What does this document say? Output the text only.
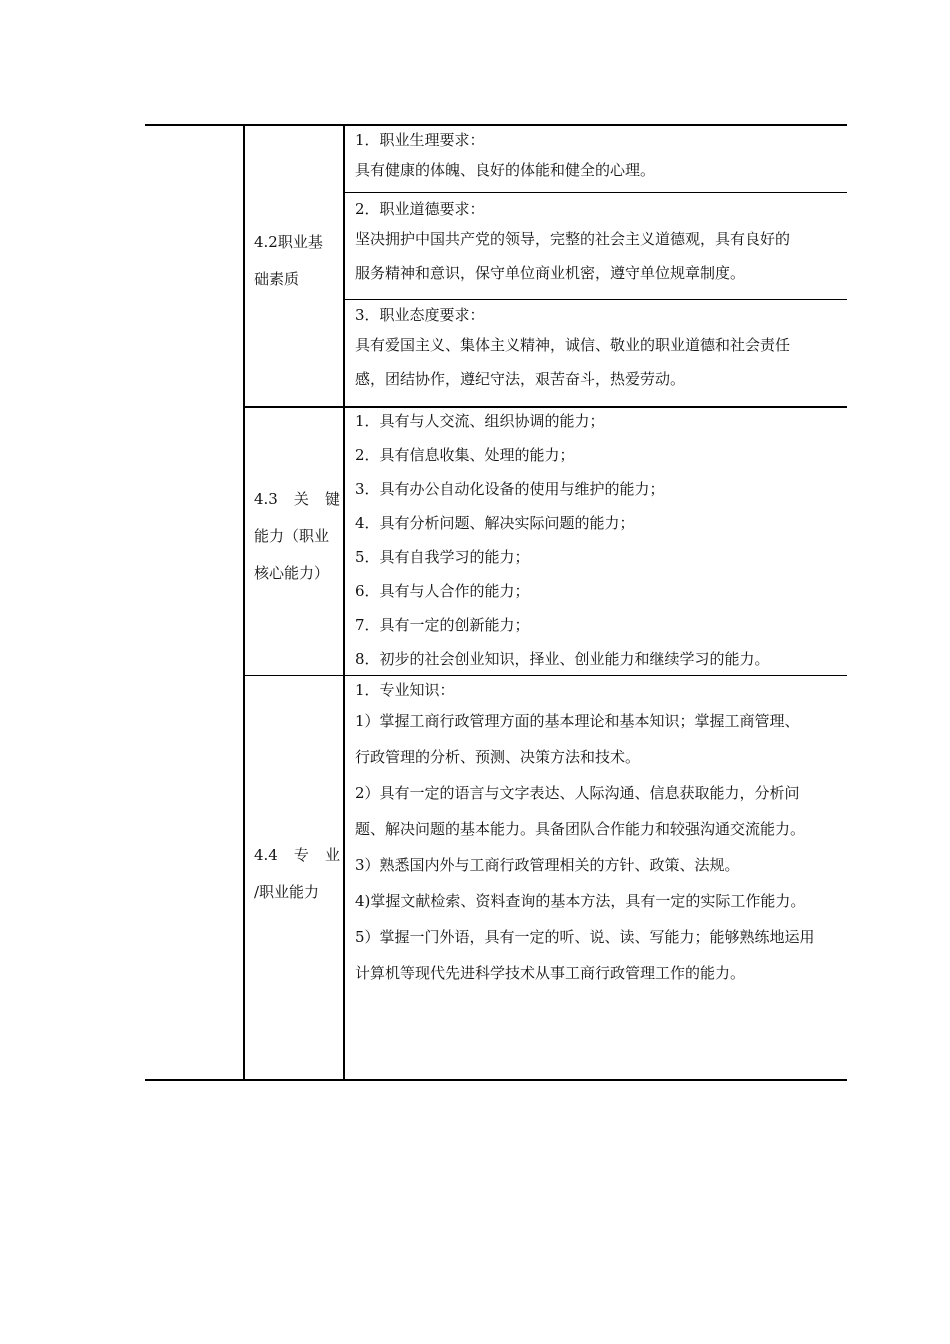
4.2职业基
础素质
1．职业生理要求：
具有健康的体魄、良好的体能和健全的心理。
2．职业道德要求：
坚决拥护中国共产党的领导，完整的社会主义道德观，具有良好的
服务精神和意识，保守单位商业机密，遵守单位规章制度。
3．职业态度要求：
具有爱国主义、集体主义精神，诚信、敬业的职业道德和社会责任
感，团结协作，遵纪守法，艰苦奋斗，热爱劳动。
4.3 关 键
能力（职业
核心能力）
1．具有与人交流、组织协调的能力；
2．具有信息收集、处理的能力；
3．具有办公自动化设备的使用与维护的能力；
4．具有分析问题、解决实际问题的能力；
5．具有自我学习的能力；
6．具有与人合作的能力；
7．具有一定的创新能力；
8．初步的社会创业知识，择业、创业能力和继续学习的能力。
4.4 专 业
/职业能力
1．专业知识：
1）掌握工商行政管理方面的基本理论和基本知识；掌握工商管理、
行政管理的分析、预测、决策方法和技术。
2）具有一定的语言与文字表达、人际沟通、信息获取能力，分析问
题、解决问题的基本能力。具备团队合作能力和较强沟通交流能力。
3）熟悉国内外与工商行政管理相关的方针、政策、法规。
4)掌握文献检索、资料查询的基本方法，具有一定的实际工作能力。
5）掌握一门外语，具有一定的听、说、读、写能力；能够熟练地运用
计算机等现代先进科学技术从事工商行政管理工作的能力。
